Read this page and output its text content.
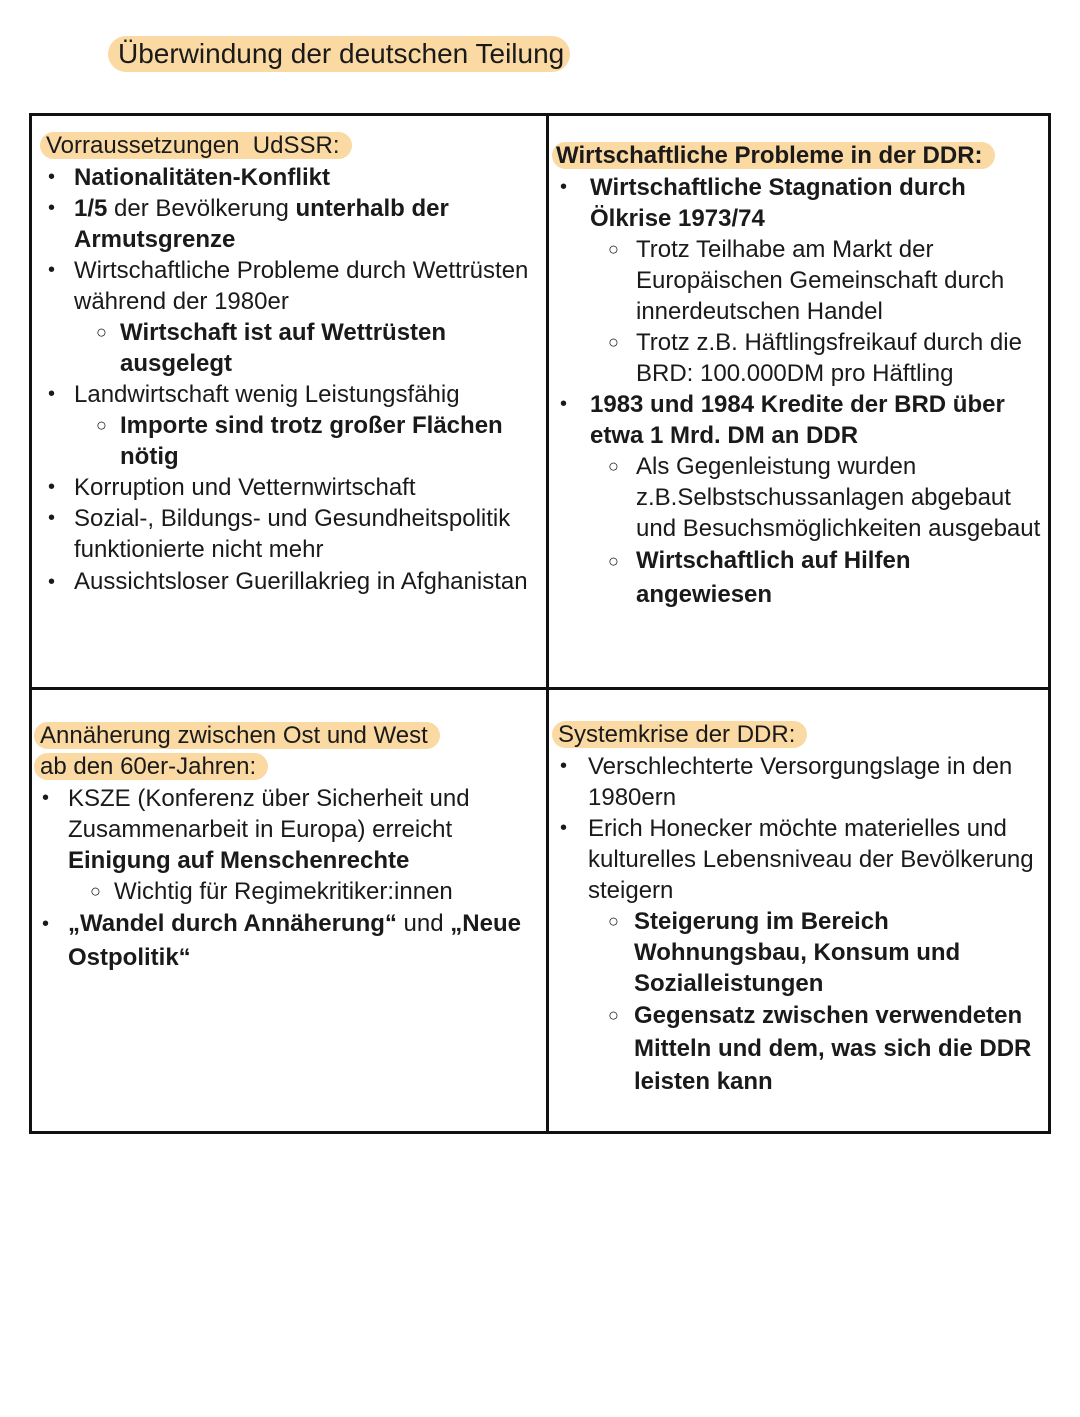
Überwindung der deutschen Teilung
Vorraussetzungen  UdSSR:
• Nationalitäten-Konflikt
• 1/5 der Bevölkerung unterhalb der Armutsgrenze
• Wirtschaftliche Probleme durch Wettrüsten während der 1980er
○ Wirtschaft ist auf Wettrüsten ausgelegt
• Landwirtschaft wenig Leistungsfähig
○ Importe sind trotz großer Flächen nötig
• Korruption und Vetternwirtschaft
• Sozial-, Bildungs- und Gesundheitspolitik funktionierte nicht mehr
• Aussichtsloser Guerillakrieg in Afghanistan
Wirtschaftliche Probleme in der DDR:
• Wirtschaftliche Stagnation durch Ölkrise 1973/74
○ Trotz Teilhabe am Markt der Europäischen Gemeinschaft durch innerdeutschen Handel
○ Trotz z.B. Häftlingsfreikauf durch die BRD: 100.000DM pro Häftling
• 1983 und 1984 Kredite der BRD über etwa 1 Mrd. DM an DDR
○ Als Gegenleistung wurden z.B.Selbstschussanlagen abgebaut und Besuchsmöglichkeiten ausgebaut
○ Wirtschaftlich auf Hilfen angewiesen
Annäherung zwischen Ost und West
ab den 60er-Jahren:
• KSZE (Konferenz über Sicherheit und Zusammenarbeit in Europa) erreicht Einigung auf Menschenrechte
○ Wichtig für Regimekritiker:innen
• „Wandel durch Annäherung“ und „Neue Ostpolitik“
Systemkrise der DDR:
• Verschlechterte Versorgungslage in den 1980ern
• Erich Honecker möchte materielles und kulturelles Lebensniveau der Bevölkerung steigern
○ Steigerung im Bereich Wohnungsbau, Konsum und Sozialleistungen
○ Gegensatz zwischen verwendeten Mitteln und dem, was sich die DDR leisten kann
